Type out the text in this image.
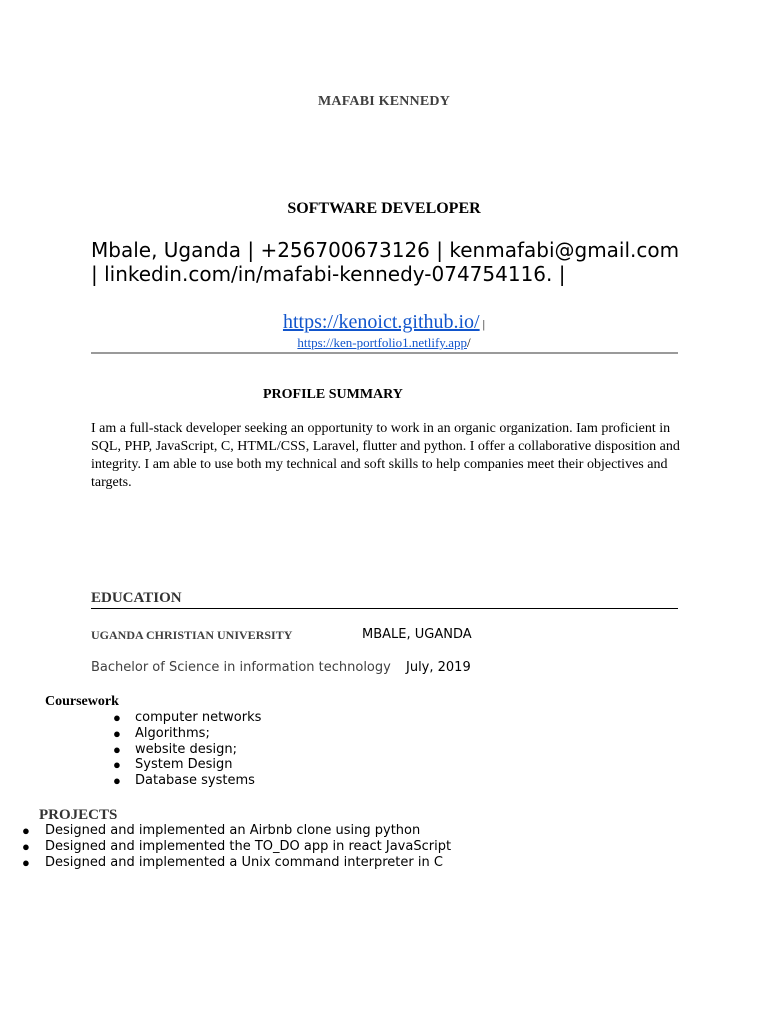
MAFABI KENNEDY
SOFTWARE DEVELOPER
Mbale, Uganda | +256700673126 | kenmafabi@gmail.com | linkedin.com/in/mafabi-kennedy-074754116. |
https://kenoict.github.io/ |
https://ken-portfolio1.netlify.app/
PROFILE SUMMARY
I am a full-stack developer seeking an opportunity to work in an organic organization. Iam proficient in SQL, PHP, JavaScript, C, HTML/CSS, Laravel, flutter and python. I offer a collaborative disposition and integrity. I am able to use both my technical and soft skills to help companies meet their objectives and targets.
EDUCATION
UGANDA CHRISTIAN UNIVERSITY	MBALE, UGANDA
Bachelor of Science in information technology July, 2019
Coursework
● computer networks
● Algorithms;
● website design;
● System Design
● Database systems
PROJECTS
● Designed and implemented an Airbnb clone using python
● Designed and implemented the TO_DO app in react JavaScript
● Designed and implemented a Unix command interpreter in C
